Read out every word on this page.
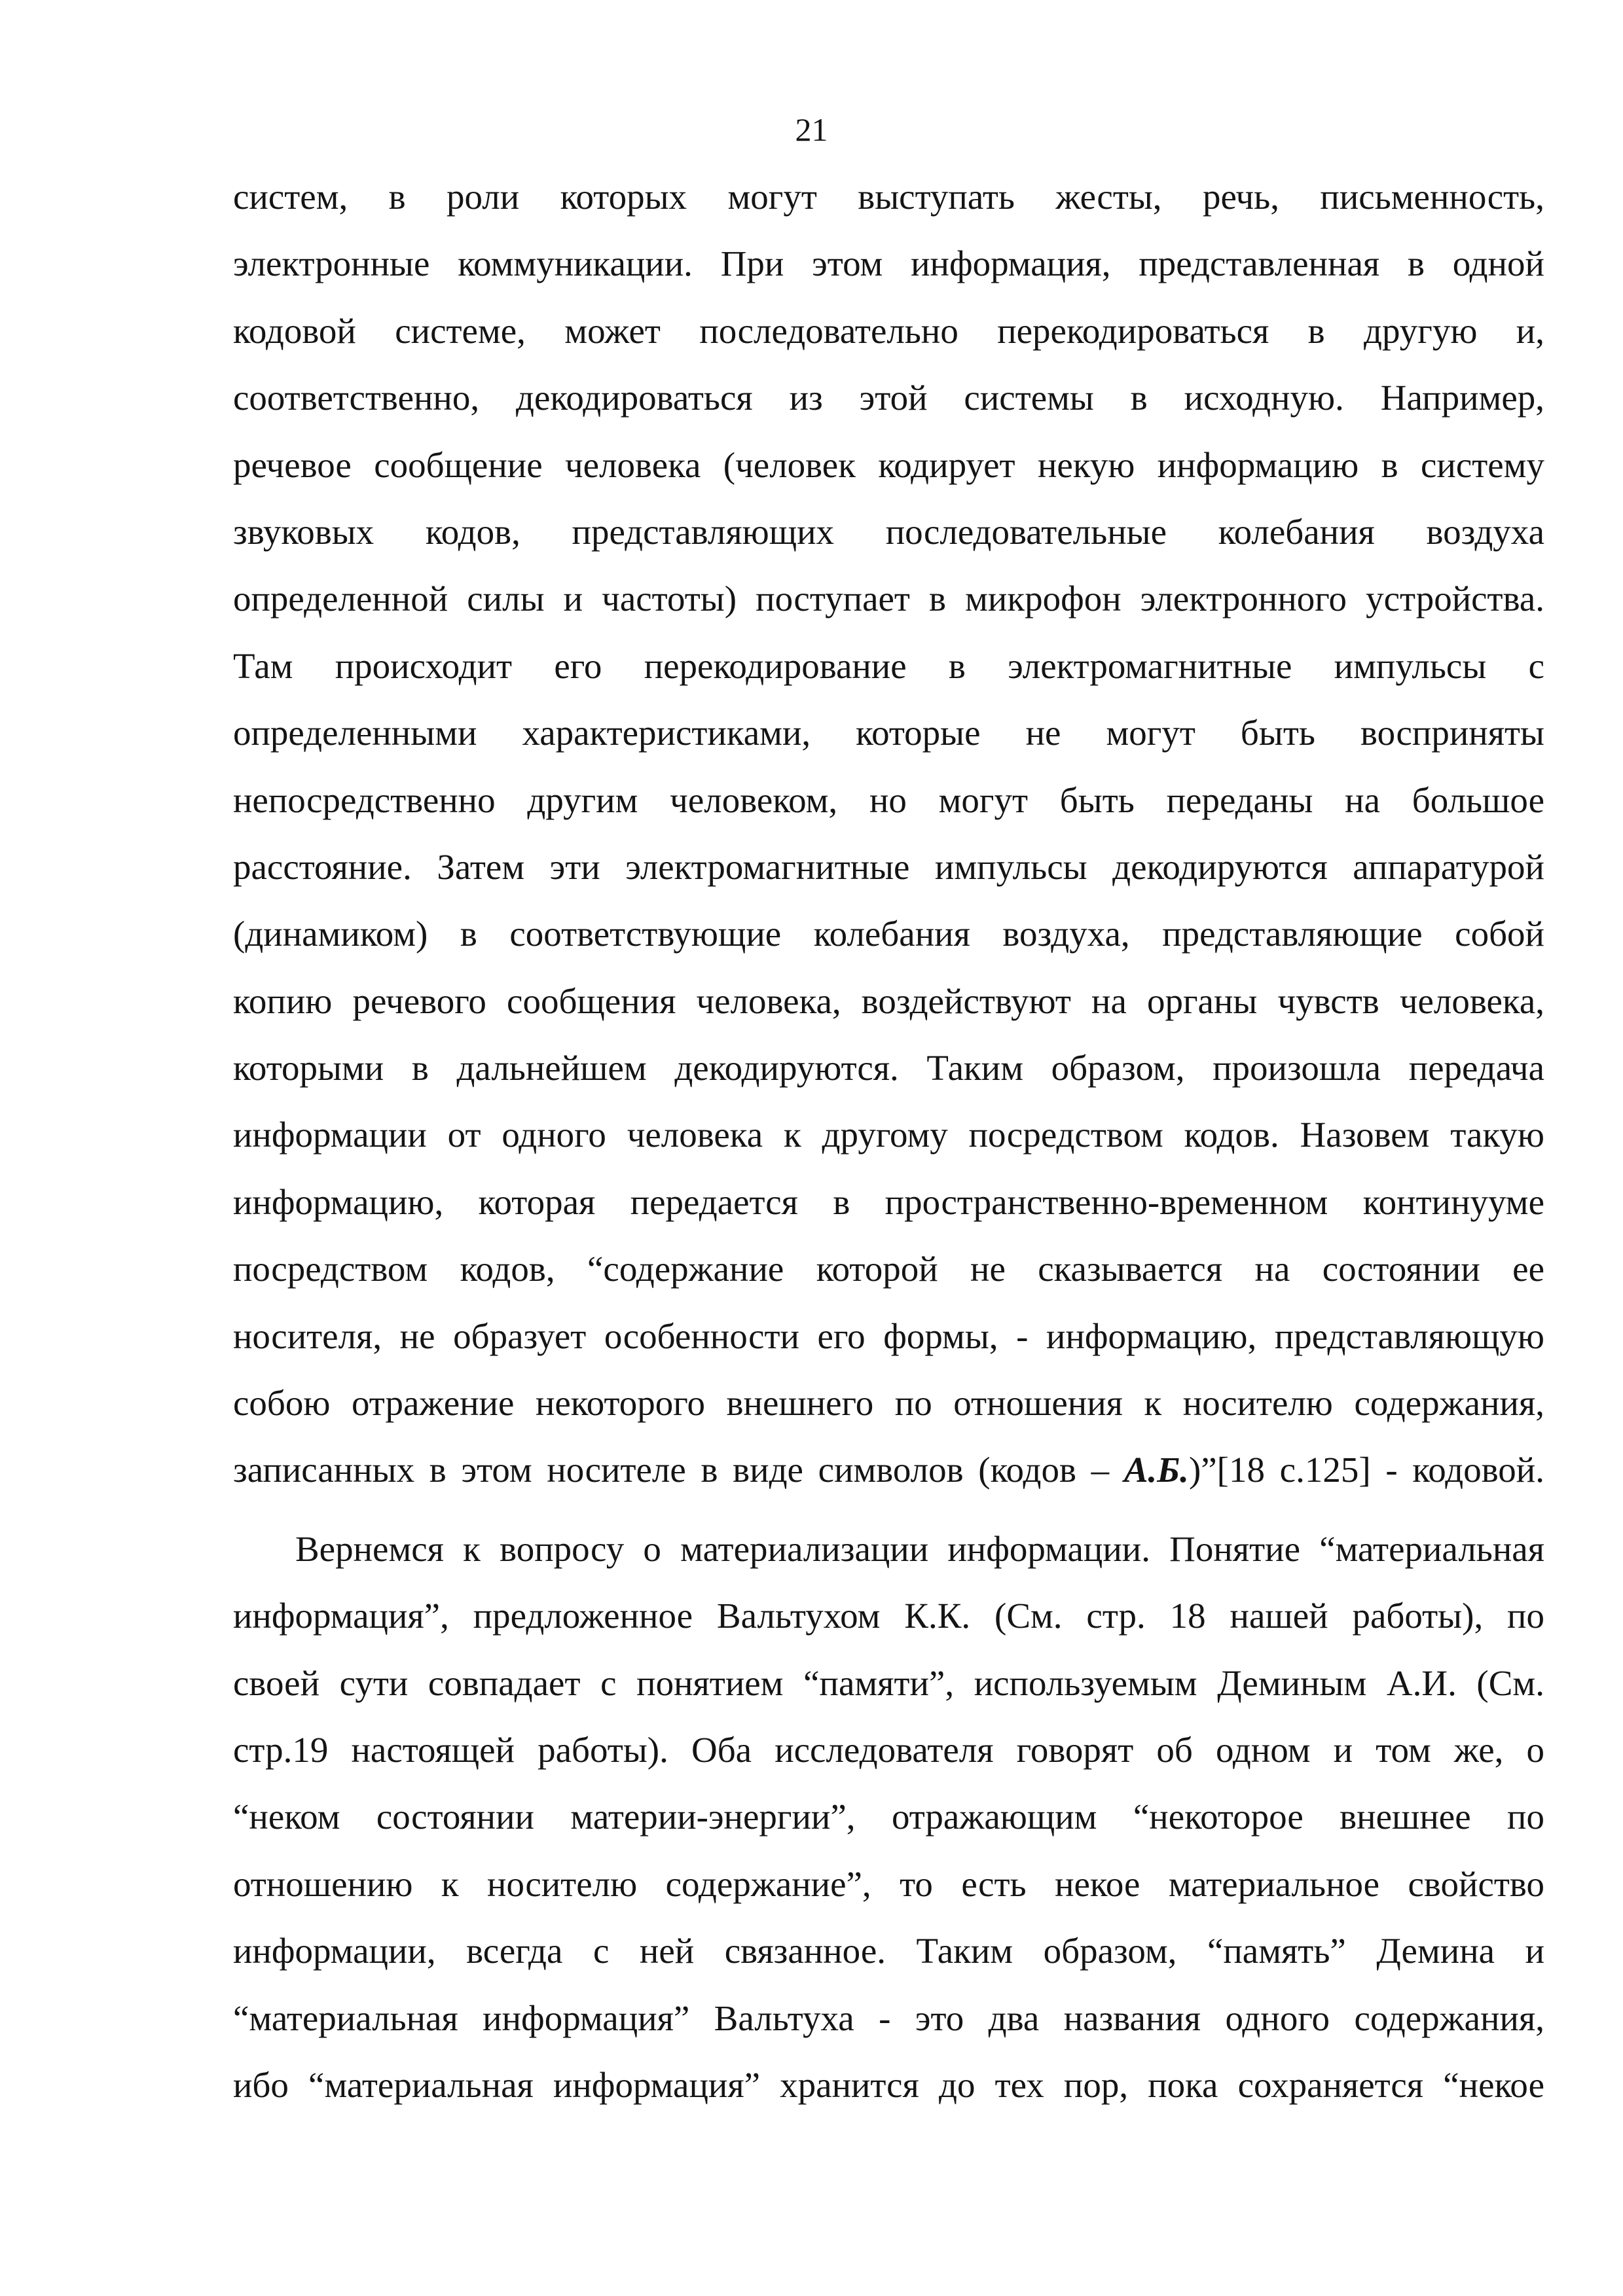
21
систем, в роли которых могут выступать жесты, речь, письменность,
электронные коммуникации. При этом информация, представленная в одной
кодовой системе, может последовательно перекодироваться в другую и,
соответственно, декодироваться из этой системы в исходную. Например,
речевое сообщение человека (человек кодирует некую информацию в систему
звуковых кодов, представляющих последовательные колебания воздуха
определенной силы и частоты) поступает в микрофон электронного устройства.
Там происходит его перекодирование в электромагнитные импульсы с
определенными характеристиками, которые не могут быть восприняты
непосредственно другим человеком, но могут быть переданы на большое
расстояние. Затем эти электромагнитные импульсы декодируются аппаратурой
(динамиком) в соответствующие колебания воздуха, представляющие собой
копию речевого сообщения человека, воздействуют на органы чувств человека,
которыми в дальнейшем декодируются. Таким образом, произошла передача
информации от одного человека к другому посредством кодов. Назовем такую
информацию, которая передается в пространственно-временном континууме
посредством кодов, “содержание которой не сказывается на состоянии ее
носителя, не образует особенности его формы, - информацию, представляющую
собою отражение некоторого внешнего по отношения к носителю содержания,
записанных в этом носителе в виде символов (кодов – А.Б.)”[18 с.125] - кодовой.
Вернемся к вопросу о материализации информации. Понятие “материальная
информация”, предложенное Вальтухом К.К. (См. стр. 18 нашей работы), по
своей сути совпадает с понятием “памяти”, используемым Деминым А.И. (См.
стр.19 настоящей работы). Оба исследователя говорят об одном и том же, о
“неком состоянии материи-энергии”, отражающим “некоторое внешнее по
отношению к носителю содержание”, то есть некое материальное свойство
информации, всегда с ней связанное. Таким образом, “память” Демина и
“материальная информация” Вальтуха - это два названия одного содержания,
ибо “материальная информация” хранится до тех пор, пока сохраняется “некое
